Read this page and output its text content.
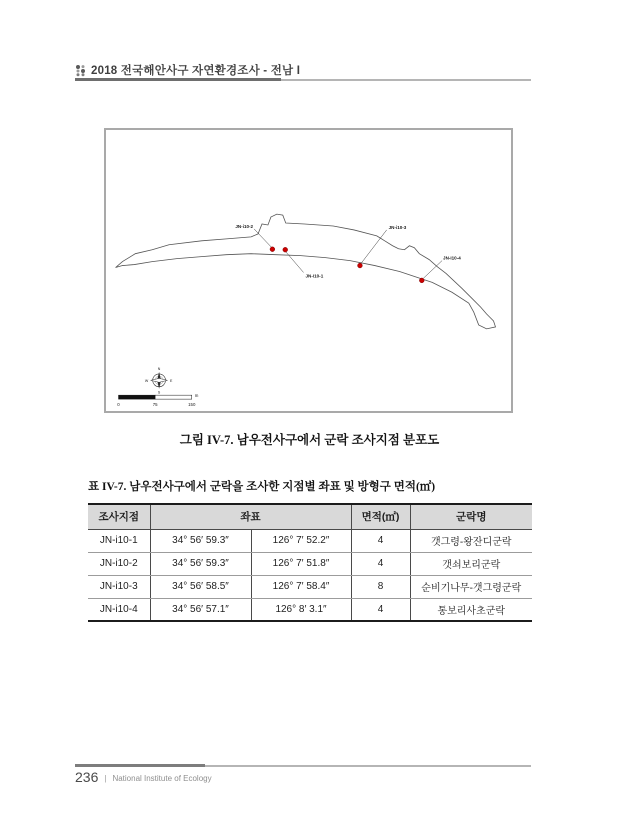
2018 전국해안사구 자연환경조사 - 전남 I
JN-i10-2
JN-i10-1
JN-i10-3
JN-i10-4
N
S
W	E
0	75	150
m
그림 IV-7. 남우전사구에서 군락 조사지점 분포도
표 IV-7. 남우전사구에서 군락을 조사한 지점별 좌표 및 방형구 면적(㎡)
조사지점	좌표		면적(㎡)	군락명
JN-i10-1	34° 56′ 59.3″	126° 7′ 52.2″	4	갯그령-왕잔디군락
JN-i10-2	34° 56′ 59.3″	126° 7′ 51.8″	4	갯쇠보리군락
JN-i10-3	34° 56′ 58.5″	126° 7′ 58.4″	8	순비기나무-갯그령군락
JN-i10-4	34° 56′ 57.1″	126° 8′ 3.1″	4	통보리사초군락
236 | National Institute of Ecology
